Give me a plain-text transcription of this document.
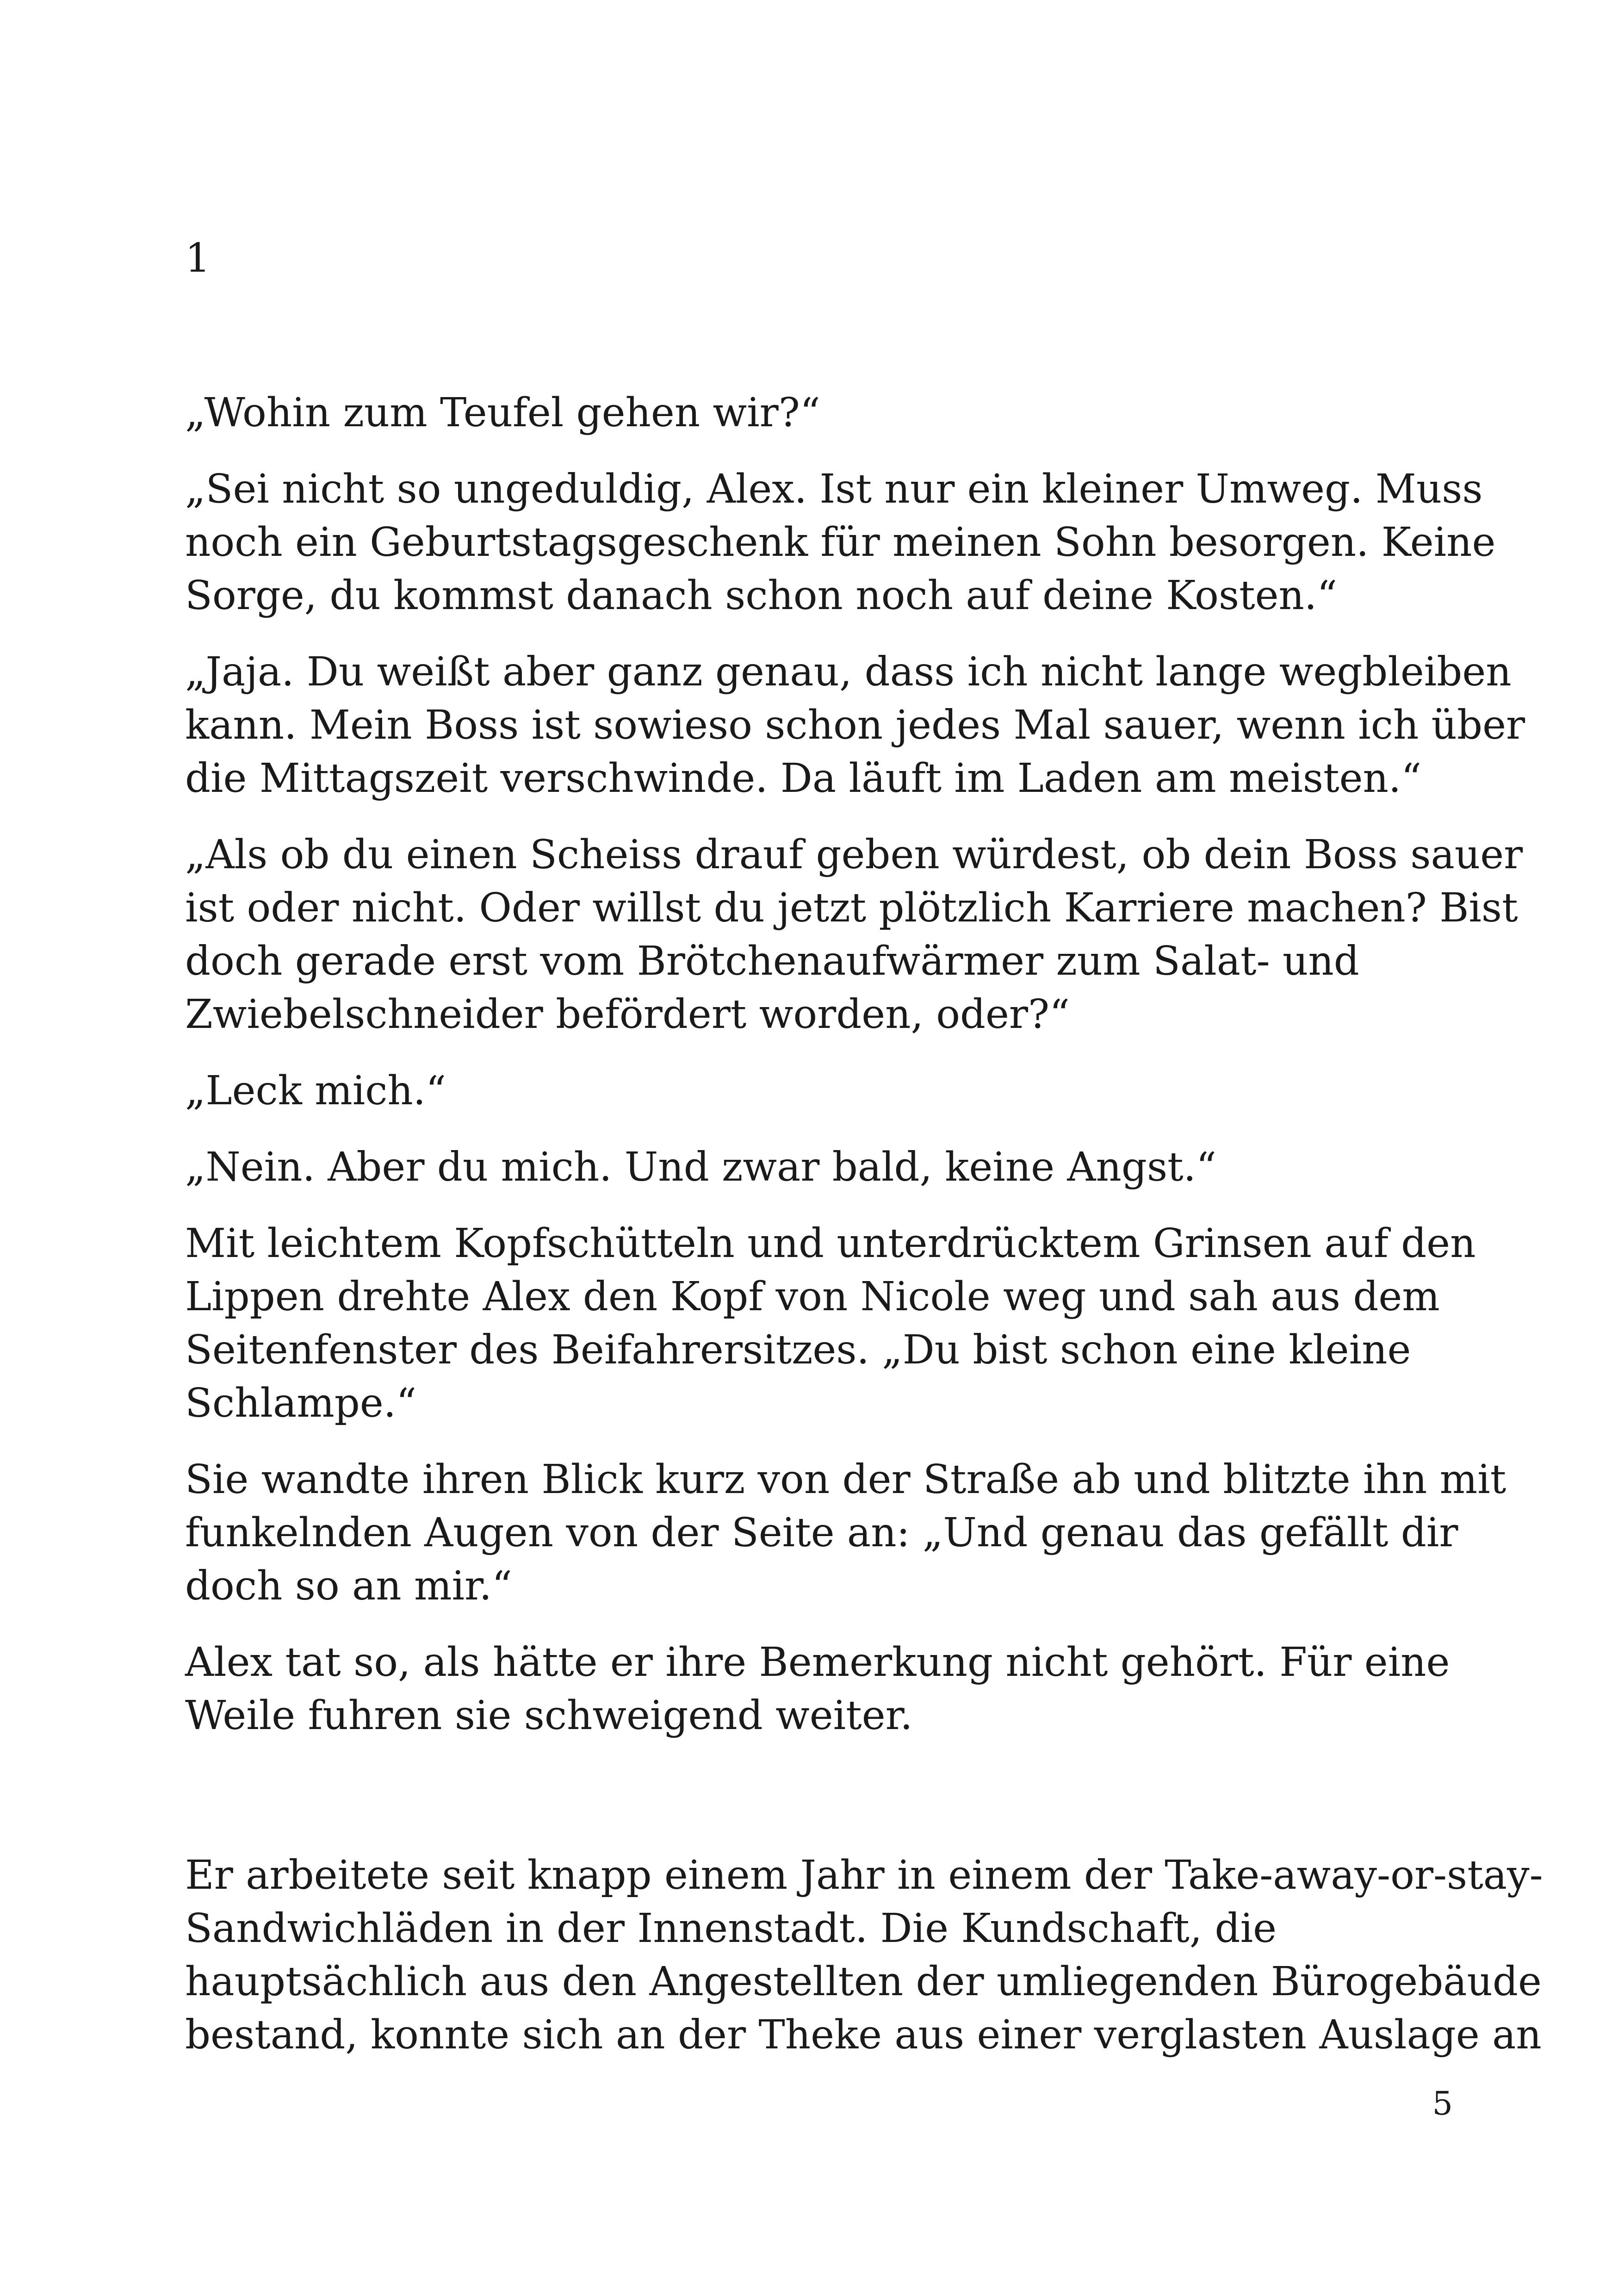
1

„Wohin zum Teufel gehen wir?“

„Sei nicht so ungeduldig, Alex. Ist nur ein kleiner Umweg. Muss
noch ein Geburtstagsgeschenk für meinen Sohn besorgen. Keine
Sorge, du kommst danach schon noch auf deine Kosten.“

„Jaja. Du weißt aber ganz genau, dass ich nicht lange wegbleiben
kann. Mein Boss ist sowieso schon jedes Mal sauer, wenn ich über
die Mittagszeit verschwinde. Da läuft im Laden am meisten.“

„Als ob du einen Scheiss drauf geben würdest, ob dein Boss sauer
ist oder nicht. Oder willst du jetzt plötzlich Karriere machen? Bist
doch gerade erst vom Brötchenaufwärmer zum Salat- und
Zwiebelschneider befördert worden, oder?“

„Leck mich.“

„Nein. Aber du mich. Und zwar bald, keine Angst.“

Mit leichtem Kopfschütteln und unterdrücktem Grinsen auf den
Lippen drehte Alex den Kopf von Nicole weg und sah aus dem
Seitenfenster des Beifahrersitzes. „Du bist schon eine kleine
Schlampe.“

Sie wandte ihren Blick kurz von der Straße ab und blitzte ihn mit
funkelnden Augen von der Seite an: „Und genau das gefällt dir
doch so an mir.“

Alex tat so, als hätte er ihre Bemerkung nicht gehört. Für eine
Weile fuhren sie schweigend weiter.

Er arbeitete seit knapp einem Jahr in einem der Take-away-or-stay-
Sandwichläden in der Innenstadt. Die Kundschaft, die
hauptsächlich aus den Angestellten der umliegenden Bürogebäude
bestand, konnte sich an der Theke aus einer verglasten Auslage an

5
